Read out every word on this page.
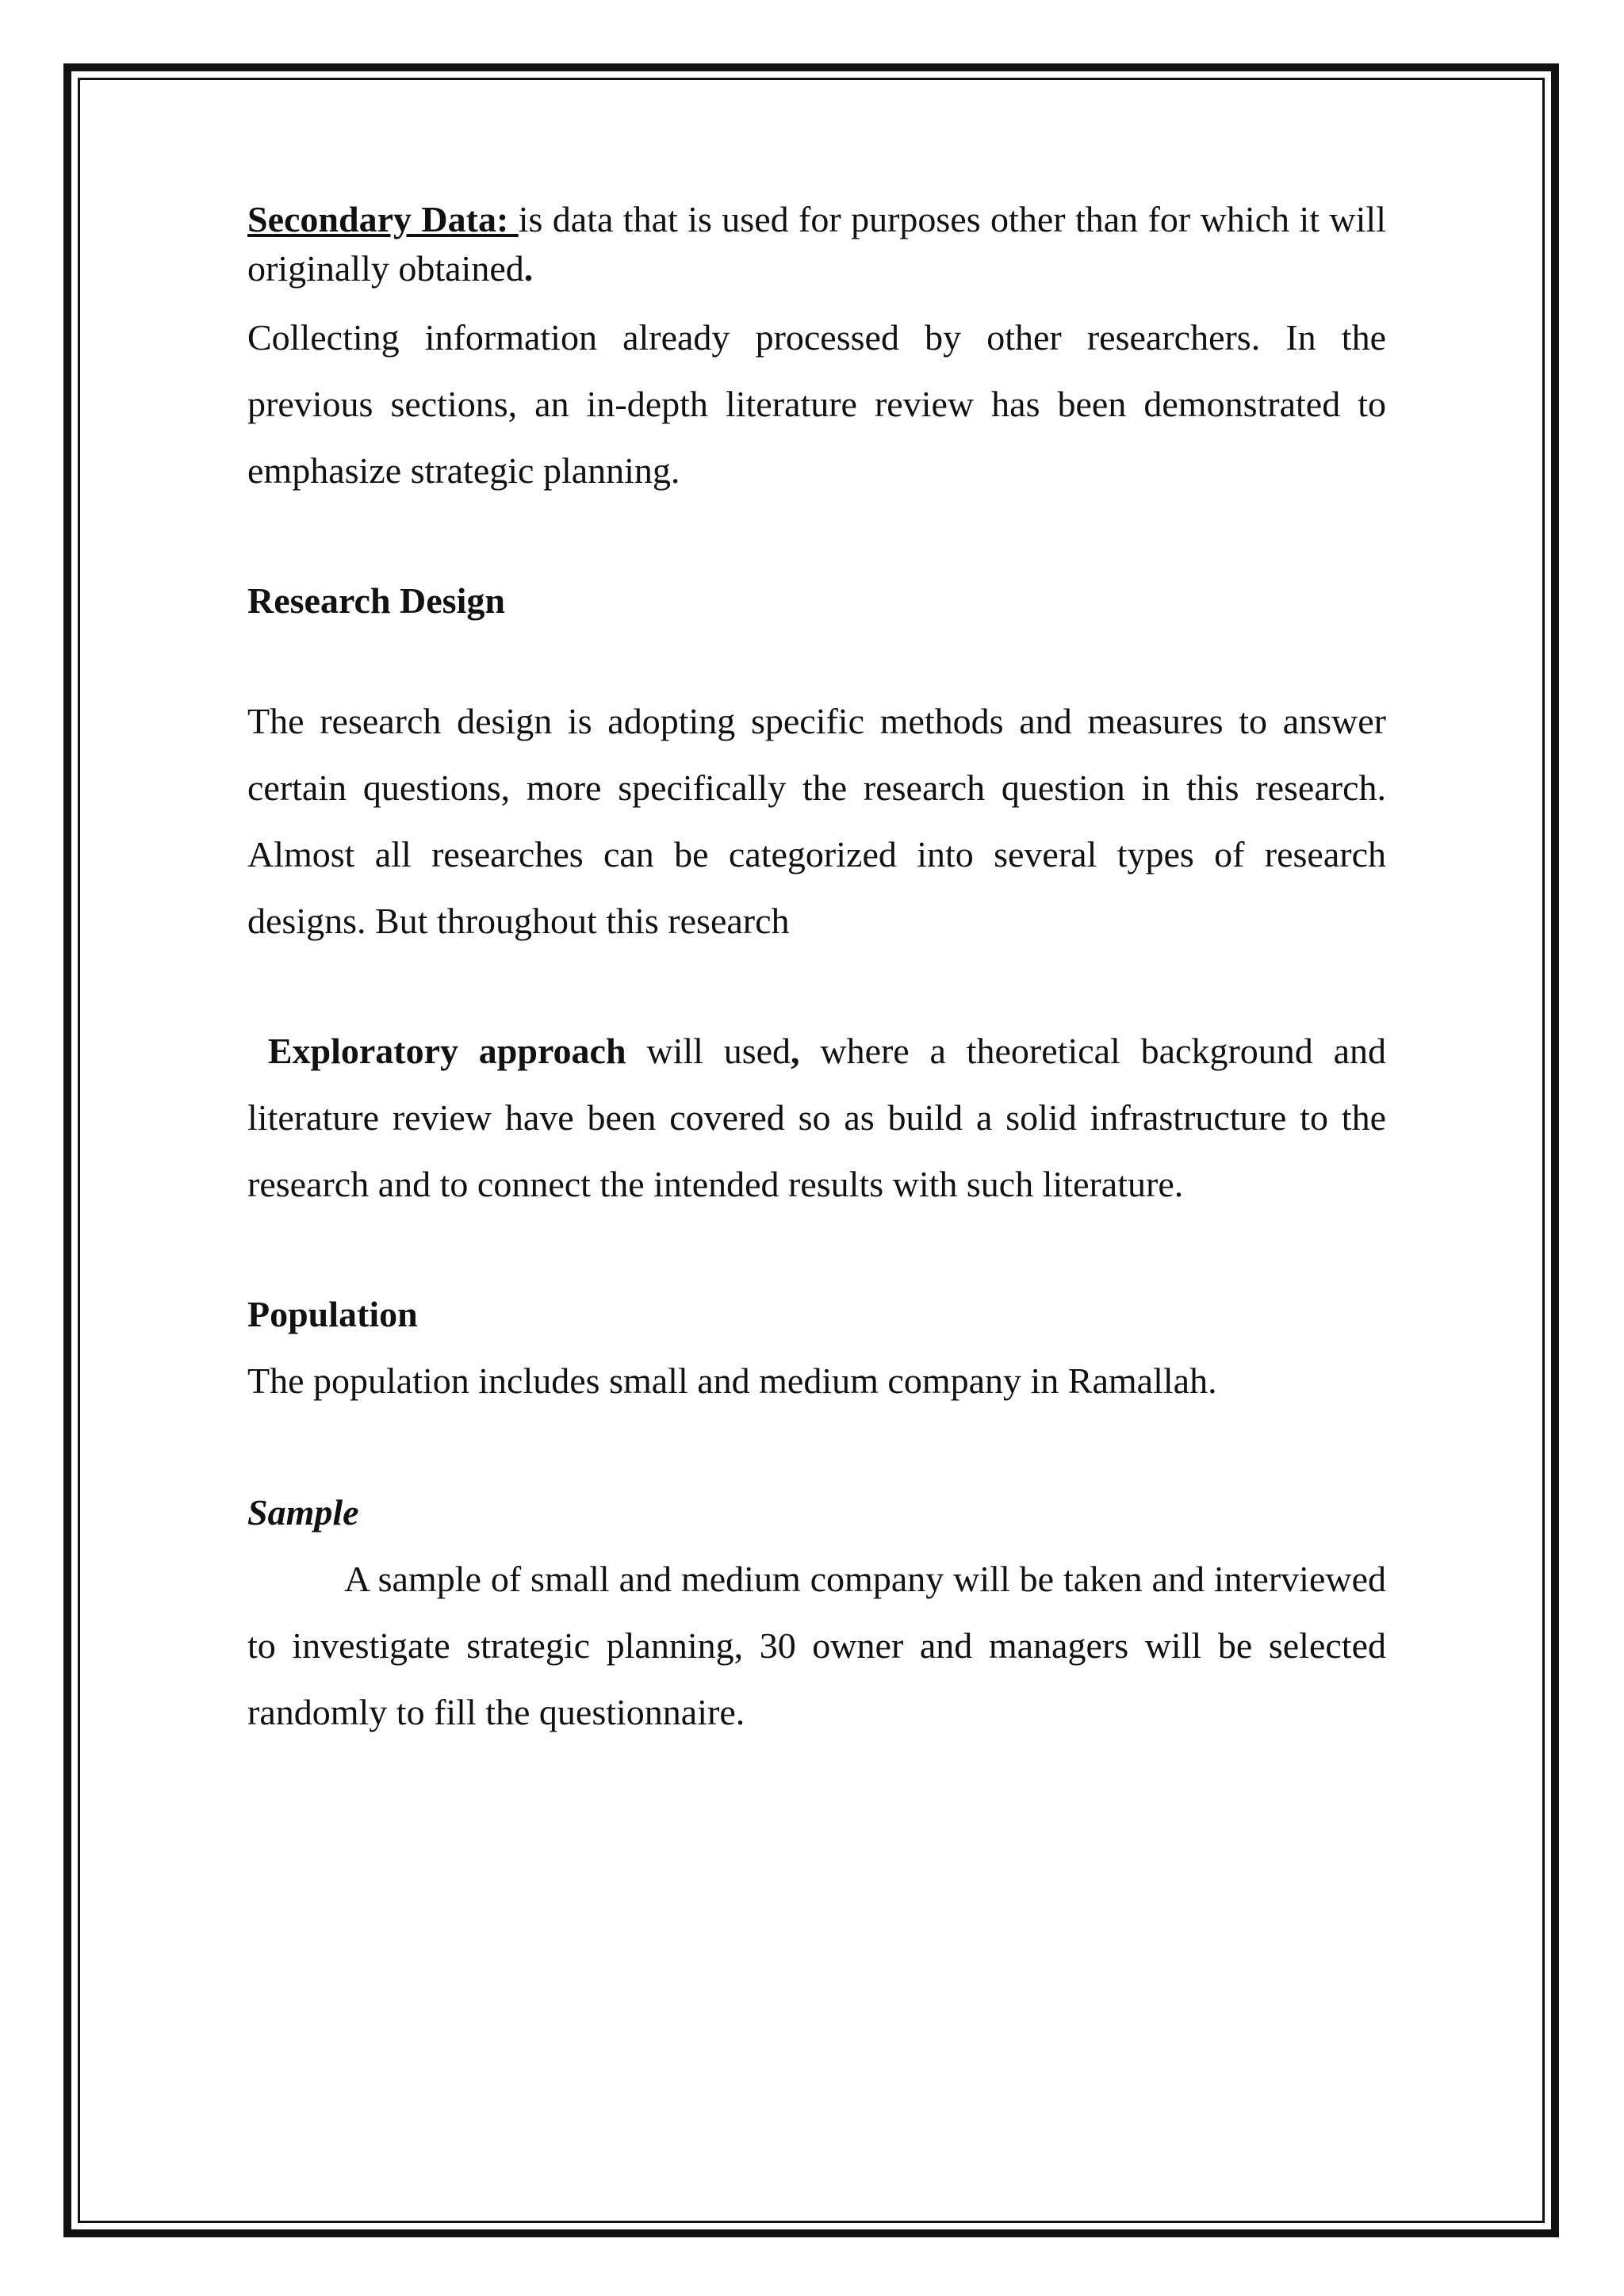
Secondary Data: is data that is used for purposes other than for which it will originally obtained.

Collecting information already processed by other researchers. In the previous sections, an in-depth literature review has been demonstrated to emphasize strategic planning.

Research Design

The research design is adopting specific methods and measures to answer certain questions, more specifically the research question in this research. Almost all researches can be categorized into several types of research designs. But throughout this research

Exploratory approach will used, where a theoretical background and literature review have been covered so as build a solid infrastructure to the research and to connect the intended results with such literature.

Population

The population includes small and medium company in Ramallah.

Sample

A sample of small and medium company will be taken and interviewed to investigate strategic planning, 30 owner and managers will be selected randomly to fill the questionnaire.
